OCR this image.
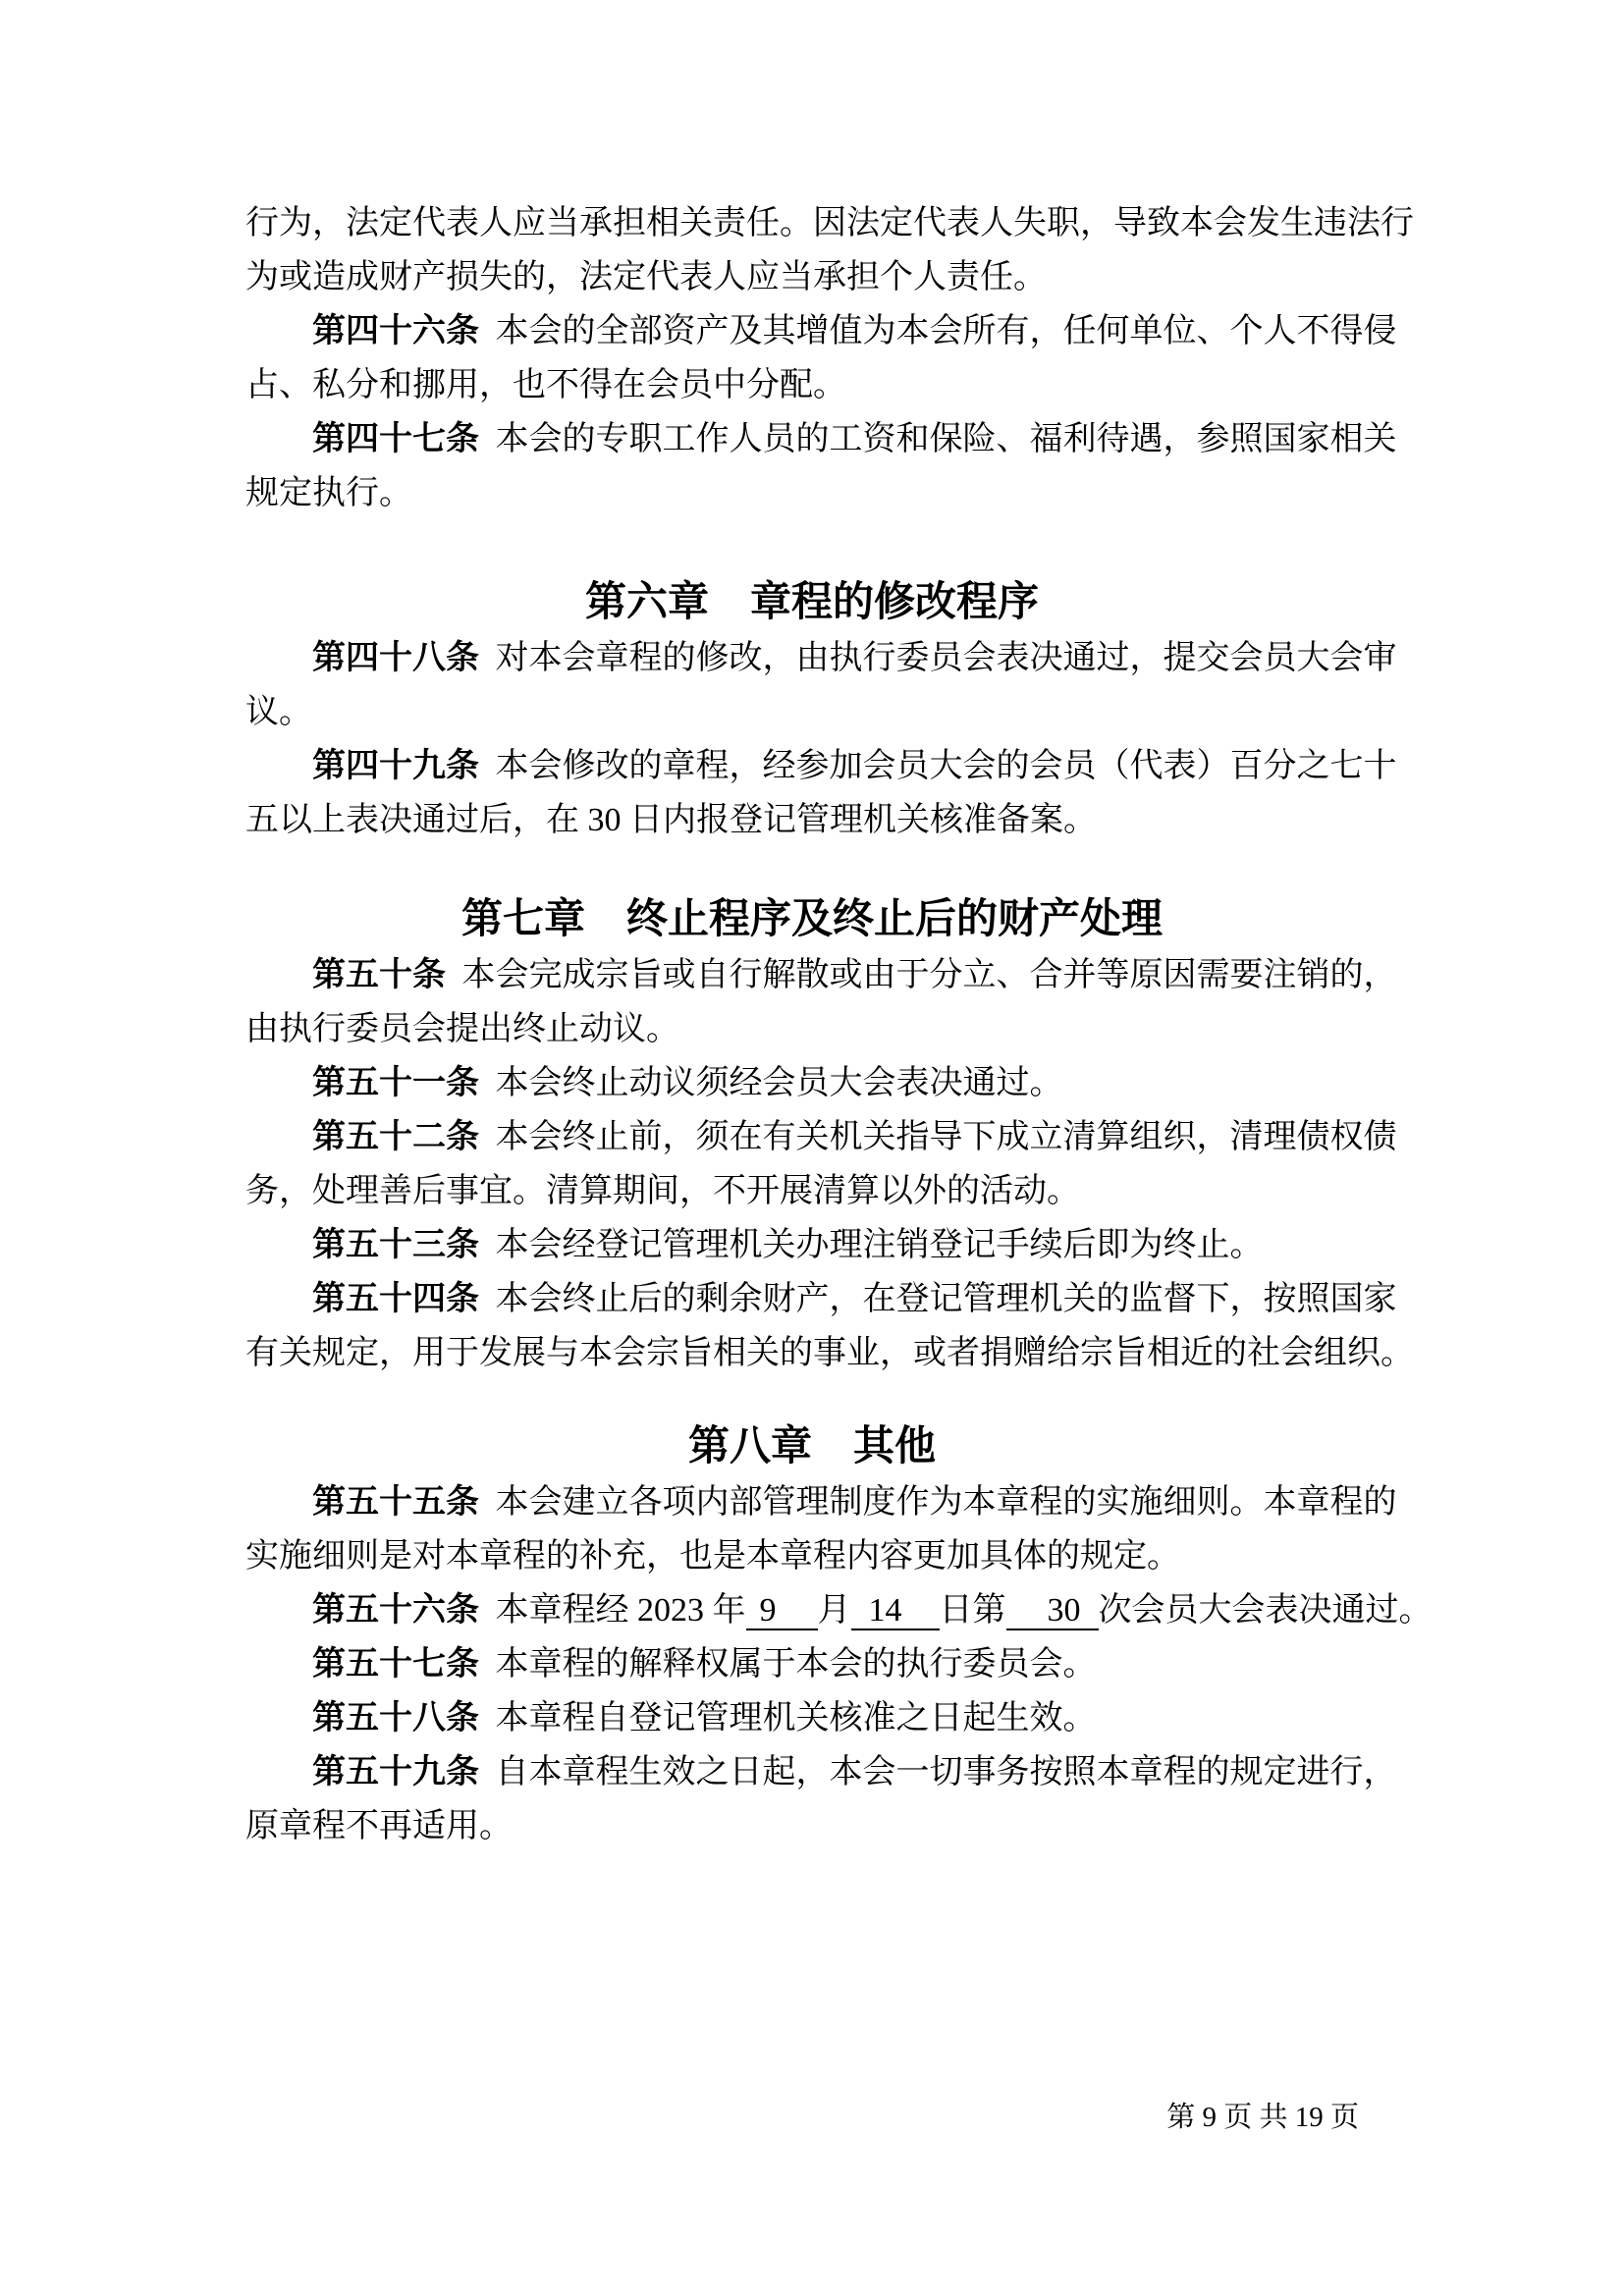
行为，法定代表人应当承担相关责任。因法定代表人失职，导致本会发生违法行
为或造成财产损失的，法定代表人应当承担个人责任。
第四十六条 本会的全部资产及其增值为本会所有，任何单位、个人不得侵
占、私分和挪用，也不得在会员中分配。
第四十七条 本会的专职工作人员的工资和保险、福利待遇，参照国家相关
规定执行。
第六章　章程的修改程序
第四十八条 对本会章程的修改，由执行委员会表决通过，提交会员大会审
议。
第四十九条 本会修改的章程，经参加会员大会的会员（代表）百分之七十
五以上表决通过后，在 30 日内报登记管理机关核准备案。
第七章　终止程序及终止后的财产处理
第五十条 本会完成宗旨或自行解散或由于分立、合并等原因需要注销的，
由执行委员会提出终止动议。
第五十一条 本会终止动议须经会员大会表决通过。
第五十二条 本会终止前，须在有关机关指导下成立清算组织，清理债权债
务，处理善后事宜。清算期间，不开展清算以外的活动。
第五十三条 本会经登记管理机关办理注销登记手续后即为终止。
第五十四条 本会终止后的剩余财产，在登记管理机关的监督下，按照国家
有关规定，用于发展与本会宗旨相关的事业，或者捐赠给宗旨相近的社会组织。
第八章　其他
第五十五条 本会建立各项内部管理制度作为本章程的实施细则。本章程的
实施细则是对本章程的补充，也是本章程内容更加具体的规定。
第五十六条 本章程经 2023 年 9 月 14 日第 30 次会员大会表决通过。
第五十七条 本章程的解释权属于本会的执行委员会。
第五十八条 本章程自登记管理机关核准之日起生效。
第五十九条 自本章程生效之日起，本会一切事务按照本章程的规定进行，
原章程不再适用。
第 9 页 共 19 页
